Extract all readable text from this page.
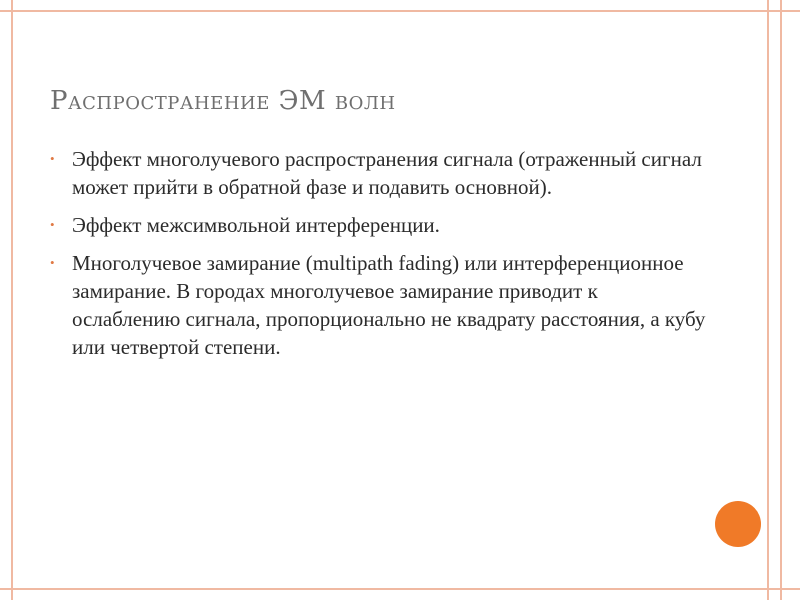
Распространение ЭМ волн
• Эффект многолучевого распространения сигнала (отраженный сигнал может прийти в обратной фазе и подавить основной).
• Эффект межсимвольной интерференции.
• Многолучевое замирание (multipath fading) или интерференционное замирание. В городах многолучевое замирание приводит к ослаблению сигнала, пропорционально не квадрату расстояния, а кубу или четвертой степени.
